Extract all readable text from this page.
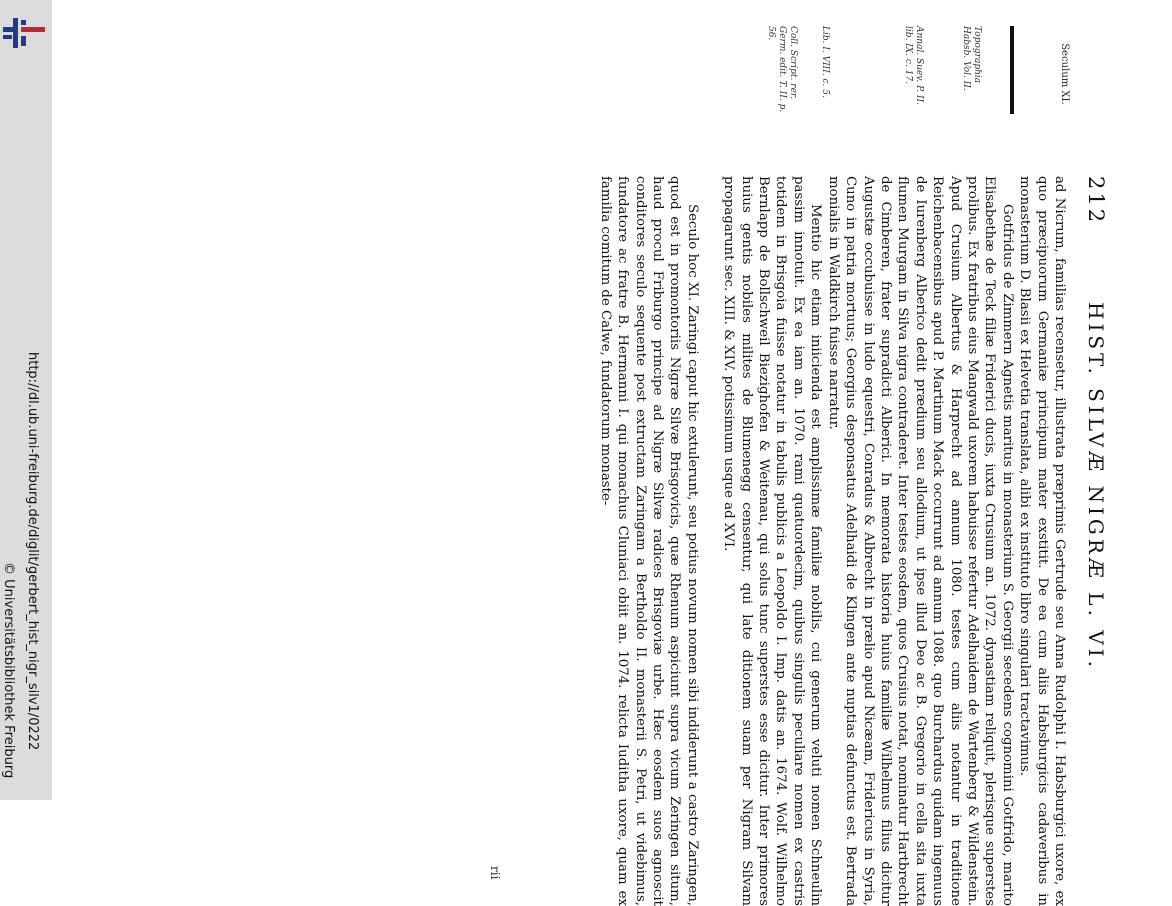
http://dl.ub.uni-freiburg.de/diglit/gerbert_hist_nigr_silv1/0222
© Universitätsbibliothek Freiburg
212
HIST. SILVÆ NIGRÆ L. VI.
Seculum XI.
Topographia Habsb. Vol. II.
Annal. Suev. P. II. lib. IX. c. 17.
Lib. I. VIII. c. 5.
Coll. Script. rer. Germ. edit. T. II. p. 56.

ad Nicrum, familias recensetur, illustrata præprimis Gertrude seu Anna Rudolphi I. Habsburgici uxore, ex quo præcipuorum Germaniæ principum mater exstitit. De ea cum aliis Habsburgicis cadaveribus in monasterium D. Blasii ex Helvetia translata, alibi ex instituto libro singulari tractavimus.

Gotfridus de Zimmern Agnetis maritus in monasterium S. Georgii secedens cognomini Gotfrido, marito Elisabethæ de Teck filiæ Friderici ducis, iuxta Crusium an. 1072. dynastiam reliquit, plerisque superstes prolibus. Ex fratribus eius Mangwald uxorem habuisse refertur Adelhaidem de Wartenberg & Wildenstein. Apud Crusium Albertus & Harprecht ad annum 1080. testes cum aliis notantur in traditione Reichenbacensibus apud P. Martinum Mack occurrunt ad annum 1088. quo Burchardus quidam ingenuus de Iurenberg Alberico dedit prædium seu allodium, ut ipse illud Deo ac B. Gregorio in cella sita iuxta flumen Murgam in Silva nigra contraderet. Inter testes eosdem, quos Crusius notat, nominatur Hartbrecht de Cimberen, frater supradicti Alberici. In memorata historia huius familiæ Wilhelmus filius dicitur Augustæ occubuisse in ludo equestri, Conradus & Albrecht in prælio apud Nicæam, Fridericus in Syria, Cuno in patria mortuus; Georgius desponsatus Adelhaidi de Klingen ante nuptias defunctus est. Bertrada monialis in Waldkirch fuisse narratur.

Mentio hic etiam iniicienda est amplissimæ familiæ nobilis, cui generum veluti nomen Schneulin passim innotuit. Ex ea iam an. 1070. rami quatuordecim, quibus singulis peculiare nomen ex castris totidem in Brisgoia fuisse notatur in tabulis publicis a Leopoldo I. Imp. datis an. 1674. Wolf. Wilhelmo Bernlapp de Bollschweil Biezighofen & Weitenau, qui solus tunc superstes esse dicitur. Inter primores huius gentis nobiles milites de Blumenegg censentur, qui late ditionem suam per Nigram Silvam propagarunt sec. XIII. & XIV. potissimum usque ad XVI.

Seculo hoc XI. Zaringi caput hic extulerunt, seu potius novum nomen sibi indiderunt a castro Zaringen, quod est in promontoriis Nigræ Silvæ Brisgovicis, quæ Rhenum aspiciunt supra vicum Zeringen situm, haud procul Friburgo principe ad Nigræ Silvæ radices Brisgoviæ urbe. Hæc eosdem suos agnoscit conditores seculo sequente post extructam Zaringam a Bertholdo II. monasterii S. Petri, ut videbimus, fundatore ac fratre B. Hermanni I. qui monachus Cluniaci obiit an. 1074. relicta Iuditha uxore, quam ex familia comitum de Calwe, fundatorum monaste-

rii
